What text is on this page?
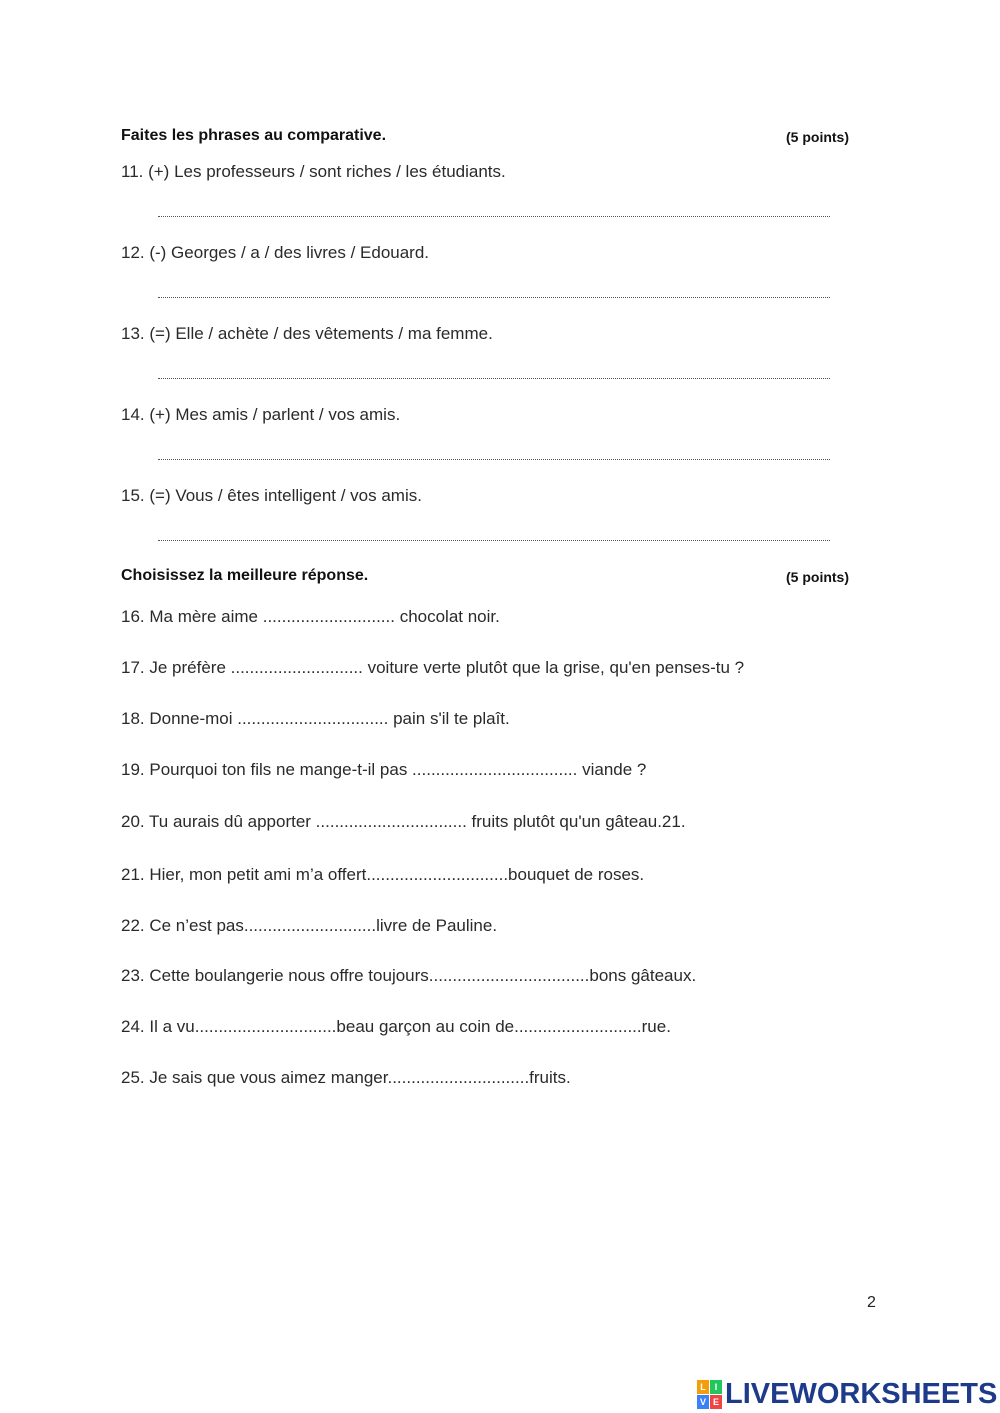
Faites les phrases au comparative.	(5 points)
11. (+) Les professeurs / sont riches / les étudiants.
12. (-) Georges / a / des livres / Edouard.
13. (=) Elle / achète / des vêtements / ma femme.
14. (+) Mes amis / parlent / vos amis.
15. (=) Vous / êtes intelligent / vos amis.
Choisissez la meilleure réponse.	(5 points)
16. Ma mère aime ............................ chocolat noir.
17. Je préfère ............................ voiture verte plutôt que la grise, qu'en penses-tu ?
18. Donne-moi ................................ pain s'il te plaît.
19. Pourquoi ton fils ne mange-t-il pas ................................... viande ?
20. Tu aurais dû apporter ................................ fruits plutôt qu'un gâteau.21.
21. Hier, mon petit ami m’a offert..............................bouquet de roses.
22. Ce n’est pas............................livre de Pauline.
23. Cette boulangerie nous offre toujours..................................bons gâteaux.
24. Il a vu..............................beau garçon au coin de...........................rue.
25. Je sais que vous aimez manger..............................fruits.
2
L I
V E LIVEWORKSHEETS
